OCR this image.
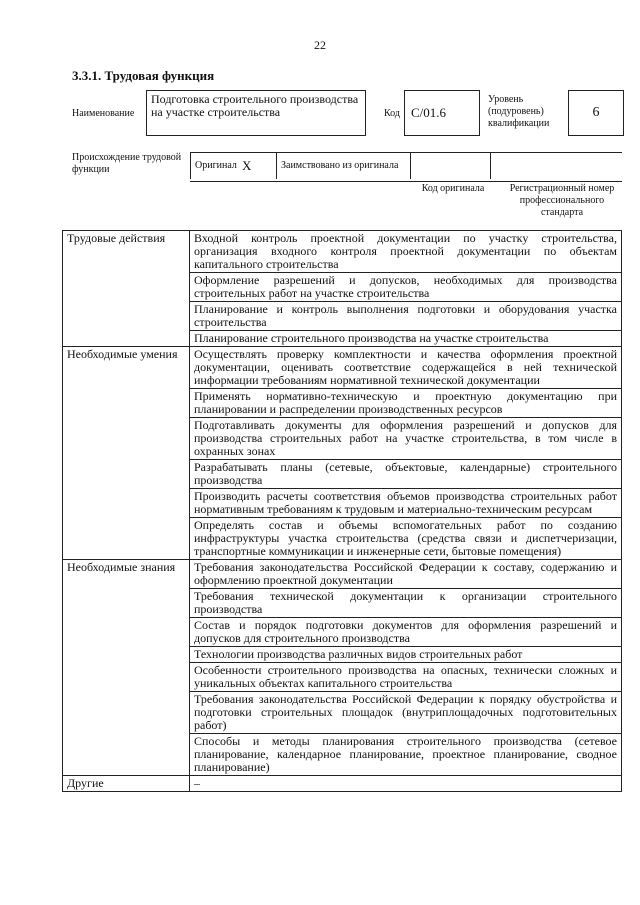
22
3.3.1. Трудовая функция
Наименование
Подготовка строительного производства на участке строительства	Код C/01.6
Уровень (подуровень) квалификации
6
Происхождение трудовой функции	Оригинал X	Заимствовано из оригинала
Код оригинала	Регистрационный номер профессионального стандарта
Трудовые действия	Входной контроль проектной документации по участку строительства, организация входного контроля проектной документации по объектам капитального строительства
	Оформление разрешений и допусков, необходимых для производства строительных работ на участке строительства
	Планирование и контроль выполнения подготовки и оборудования участка строительства
	Планирование строительного производства на участке строительства
Необходимые умения	Осуществлять проверку комплектности и качества оформления проектной документации, оценивать соответствие содержащейся в ней технической информации требованиям нормативной технической документации
	Применять нормативно-техническую и проектную документацию при планировании и распределении производственных ресурсов
	Подготавливать документы для оформления разрешений и допусков для производства строительных работ на участке строительства, в том числе в охранных зонах
	Разрабатывать планы (сетевые, объектовые, календарные) строительного производства
	Производить расчеты соответствия объемов производства строительных работ нормативным требованиям к трудовым и материально-техническим ресурсам
	Определять состав и объемы вспомогательных работ по созданию инфраструктуры участка строительства (средства связи и диспетчеризации, транспортные коммуникации и инженерные сети, бытовые помещения)
Необходимые знания	Требования законодательства Российской Федерации к составу, содержанию и оформлению проектной документации
	Требования технической документации к организации строительного производства
	Состав и порядок подготовки документов для оформления разрешений и допусков для строительного производства
	Технологии производства различных видов строительных работ
	Особенности строительного производства на опасных, технически сложных и уникальных объектах капитального строительства
	Требования законодательства Российской Федерации к порядку обустройства и подготовки строительных площадок (внутриплощадочных подготовительных работ)
	Способы и методы планирования строительного производства (сетевое планирование, календарное планирование, проектное планирование, сводное планирование)
Другие	–
